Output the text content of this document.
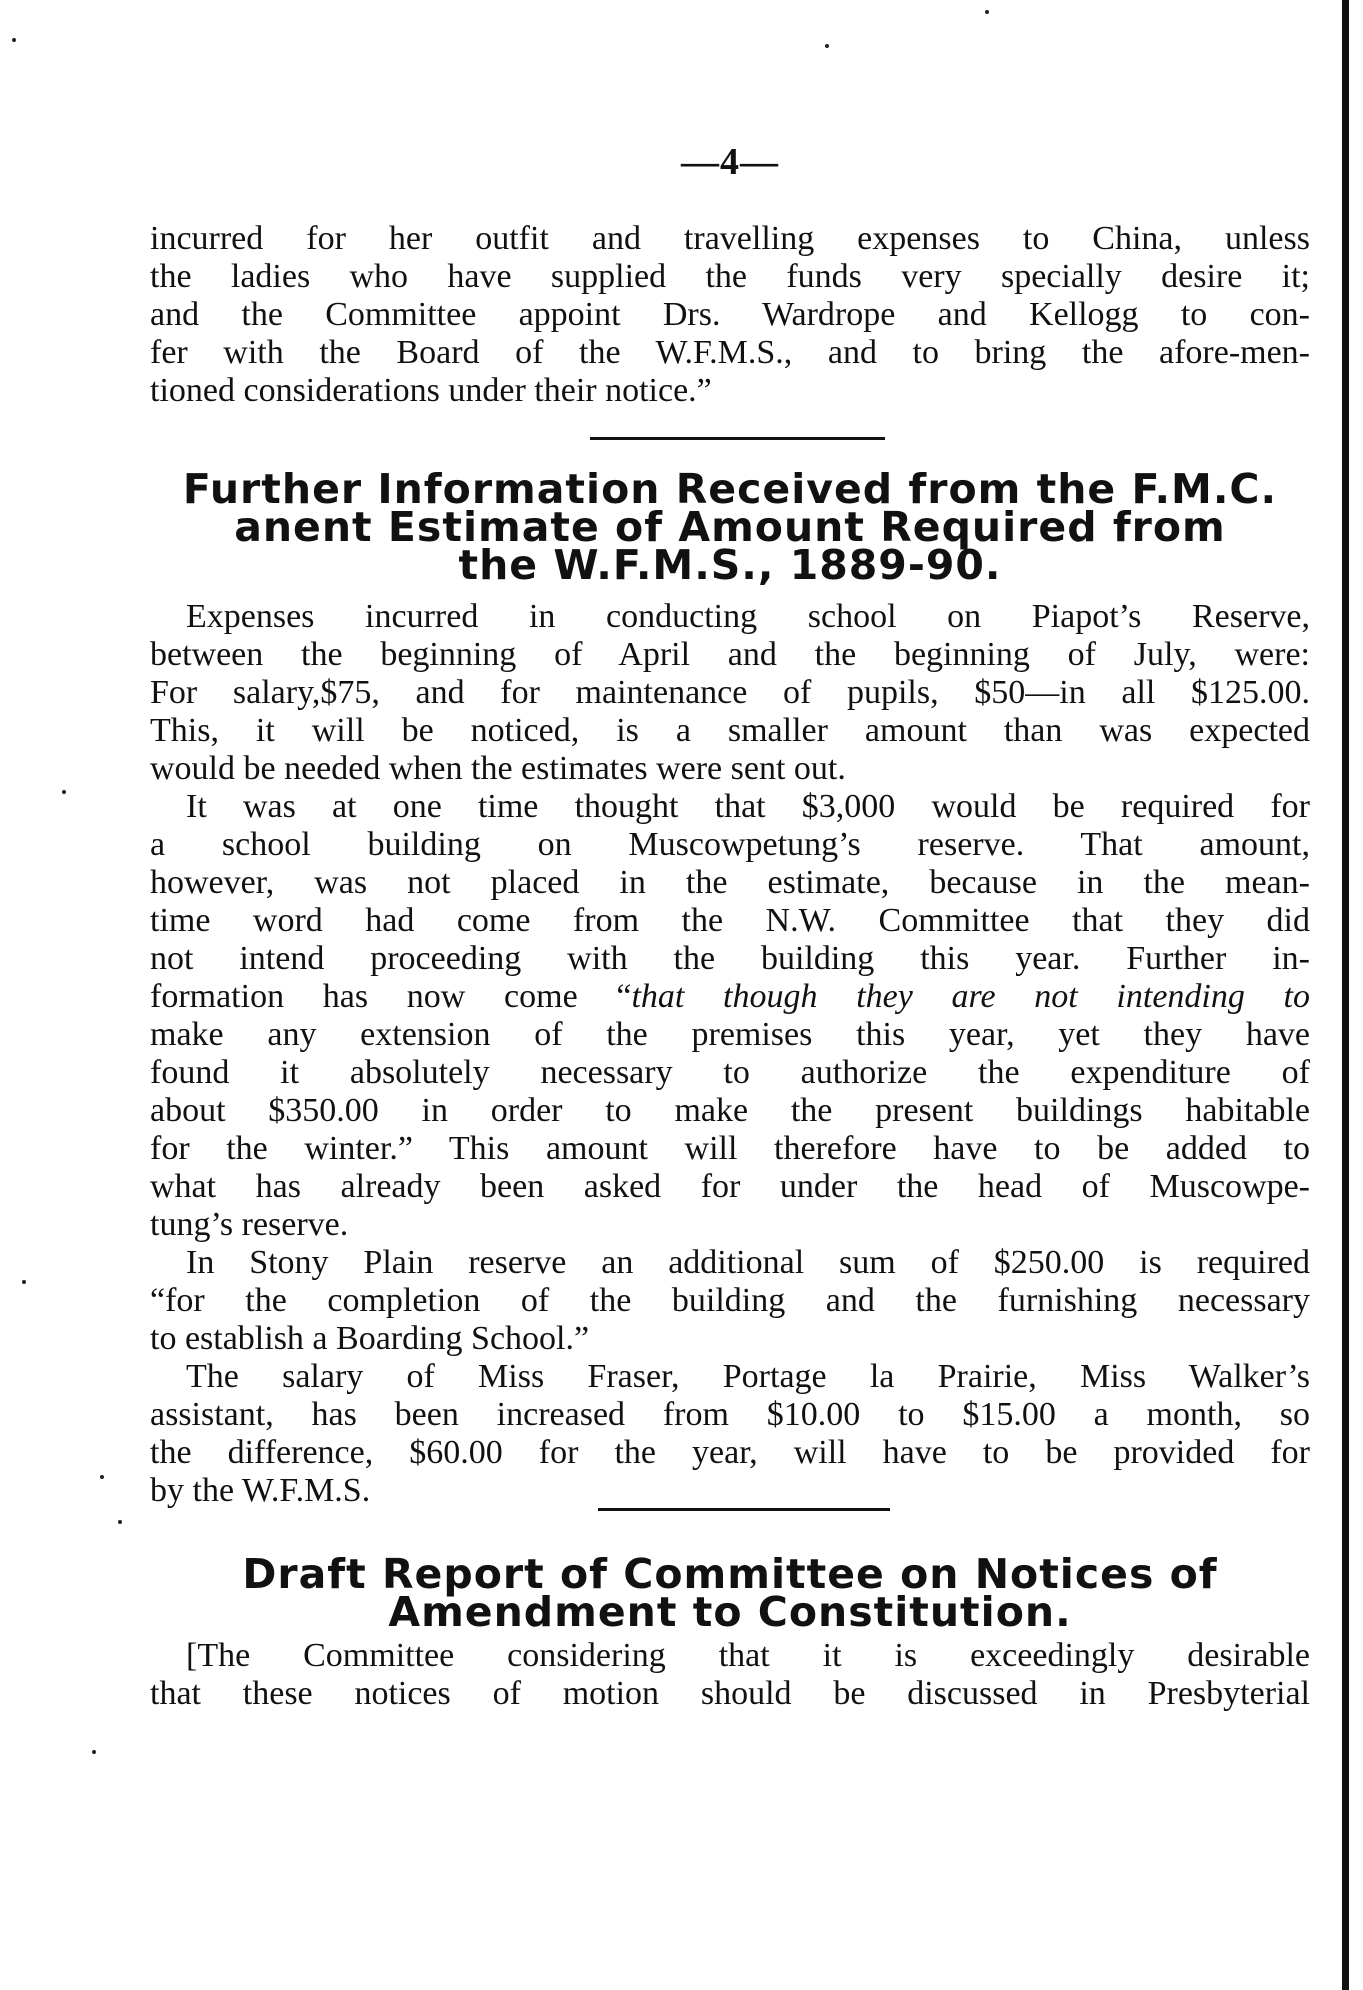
—4—
incurred for her outfit and travelling expenses to China, unless
the ladies who have supplied the funds very specially desire it;
and the Committee appoint Drs. Wardrope and Kellogg to con-
fer with the Board of the W.F.M.S., and to bring the afore-men-
tioned considerations under their notice.”
Further Information Received from the F.M.C.
anent Estimate of Amount Required from
the W.F.M.S., 1889-90.
Expenses incurred in conducting school on Piapot’s Reserve,
between the beginning of April and the beginning of July, were:
For salary,$75, and for maintenance of pupils, $50—in all $125.00.
This, it will be noticed, is a smaller amount than was expected
would be needed when the estimates were sent out.
It was at one time thought that $3,000 would be required for
a school building on Muscowpetung’s reserve. That amount,
however, was not placed in the estimate, because in the mean-
time word had come from the N.W. Committee that they did
not intend proceeding with the building this year. Further in-
formation has now come “that though they are not intending to
make any extension of the premises this year, yet they have
found it absolutely necessary to authorize the expenditure of
about $350.00 in order to make the present buildings habitable
for the winter.” This amount will therefore have to be added to
what has already been asked for under the head of Muscowpe-
tung’s reserve.
In Stony Plain reserve an additional sum of $250.00 is required
“for the completion of the building and the furnishing necessary
to establish a Boarding School.”
The salary of Miss Fraser, Portage la Prairie, Miss Walker’s
assistant, has been increased from $10.00 to $15.00 a month, so
the difference, $60.00 for the year, will have to be provided for
by the W.F.M.S.
Draft Report of Committee on Notices of
Amendment to Constitution.
[The Committee considering that it is exceedingly desirable
that these notices of motion should be discussed in Presbyterial
